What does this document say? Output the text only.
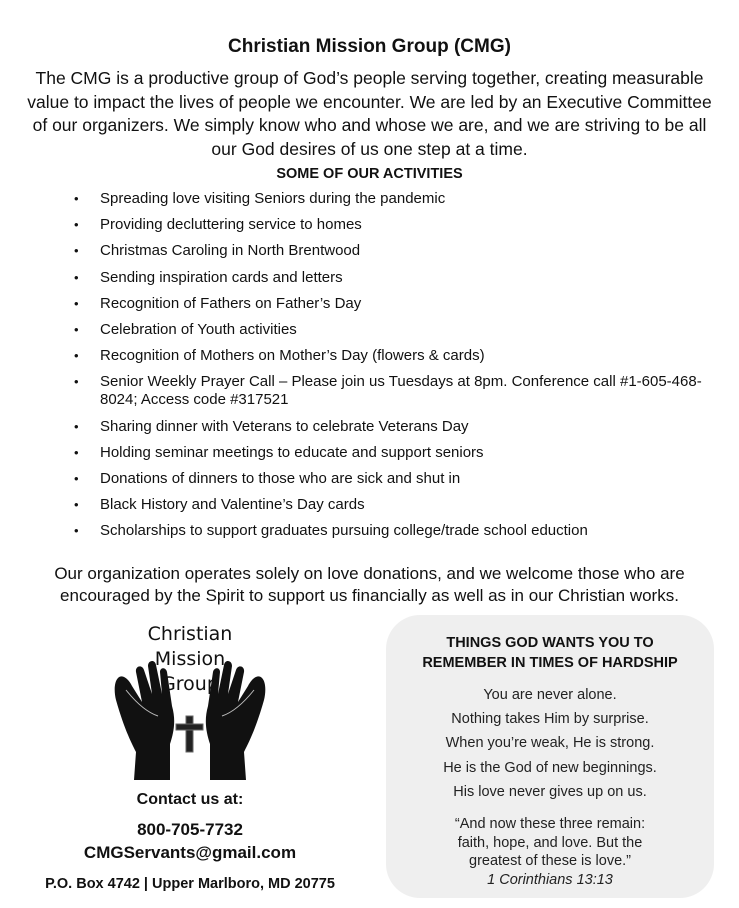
Christian Mission Group (CMG)
The CMG is a productive group of God’s people serving together, creating measurable value to impact the lives of people we encounter. We are led by an Executive Committee of our organizers. We simply know who and whose we are, and we are striving to be all our God desires of us one step at a time.
SOME OF OUR ACTIVITIES
• Spreading love visiting Seniors during the pandemic
• Providing decluttering service to homes
• Christmas Caroling in North Brentwood
• Sending inspiration cards and letters
• Recognition of Fathers on Father’s Day
• Celebration of Youth activities
• Recognition of Mothers on Mother’s Day (flowers & cards)
• Senior Weekly Prayer Call – Please join us Tuesdays at 8pm. Conference call #1-605-468-8024; Access code #317521
• Sharing dinner with Veterans to celebrate Veterans Day
• Holding seminar meetings to educate and support seniors
• Donations of dinners to those who are sick and shut in
• Black History and Valentine’s Day cards
• Scholarships to support graduates pursuing college/trade school eduction
Our organization operates solely on love donations, and we welcome those who are encouraged by the Spirit to support us financially as well as in our Christian works.
Christian
Mission
Group
Contact us at:
800-705-7732
CMGServants@gmail.com
P.O. Box 4742 | Upper Marlboro, MD 20775
THINGS GOD WANTS YOU TO
REMEMBER IN TIMES OF HARDSHIP
You are never alone.
Nothing takes Him by surprise.
When you’re weak, He is strong.
He is the God of new beginnings.
His love never gives up on us.
“And now these three remain:
faith, hope, and love. But the
greatest of these is love.”
1 Corinthians 13:13
